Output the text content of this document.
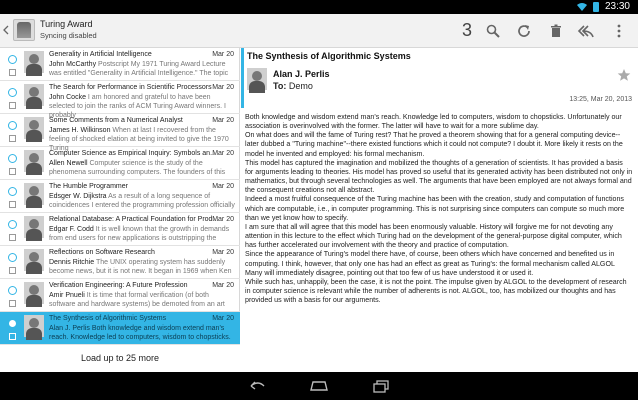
23:30
Turing Award
Syncing disabled	3
Generality in Artificial Intelligence	Mar 20
John McCarthy Postscript My 1971 Turing Award Lecture was entitled "Generality in Artificial Intelligence." The topic
The Search for Performance in Scientific Processors Mar 20
John Cocke I am honored and grateful to have been selected to join the ranks of ACM Turing Award winners. I probably
Some Comments from a Numerical Analyst	Mar 20
James H. Wilkinson When at last I recovered from the feeling of shocked elation at being invited to give the 1970 Turing
Computer Science as Empirical Inquiry: Symbols an...
Mar 20
Allen Newell Computer science is the study of the phenomena surrounding computers. The founders of this
The Humble Programmer	Mar 20
Edsger W. Dijkstra As a result of a long sequence of coincidences I entered the programming profession officially
Relational Database: A Practical Foundation for Prod...
Mar 20
Edgar F. Codd It is well known that the growth in demands from end users for new applications is outstripping the
Reflections on Software Research	Mar 20
Dennis Ritchie The UNIX operating system has suddenly become news, but it is not new. It began in 1969 when Ken
Verification Engineering: A Future Profession	Mar 20
Amir Pnueli It is time that formal verification (of both software and hardware systems) be demoted from an art
The Synthesis of Algorithmic Systems	Mar 20
Alan J. Perlis Both knowledge and wisdom extend man's reach. Knowledge led to computers, wisdom to chopsticks.
Load up to 25 more
The Synthesis of Algorithmic Systems
Alan J. Perlis
To: Demo
13:25, Mar 20, 2013

Both knowledge and wisdom extend man's reach. Knowledge led to computers, wisdom to chopsticks. Unfortunately our association is overinvolved with the former. The latter will have to wait for a more sublime day.

On what does and will the fame of Turing rest? That he proved a theorem showing that for a general computing device--later dubbed a "Turing machine"--there existed functions which it could not compute? I doubt it. More likely it rests on the model he invented and employed: his formal mechanism.

This model has captured the imagination and mobilized the thoughts of a generation of scientists. It has provided a basis for arguments leading to theories. His model has proved so useful that its generated activity has been distributed not only in mathematics, but through several technologies as well. The arguments that have been employed are not always formal and the consequent creations not all abstract.

Indeed a most fruitful consequence of the Turing machine has been with the creation, study and computation of functions which are computable, i.e., in computer programming. This is not surprising since computers can compute so much more than we yet know how to specify.

I am sure that all will agree that this model has been enormously valuable. History will forgive me for not devoting any attention in this lecture to the effect which Turing had on the development of the general-purpose digital computer, which has further accelerated our involvement with the theory and practice of computation.

Since the appearance of Turing's model there have, of course, been others which have concerned and benefited us in computing. I think, however, that only one has had an effect as great as Turing's: the formal mechanism called ALGOL Many will immediately disagree, pointing out that too few of us have understood it or used it.

While such has, unhappily, been the case, it is not the point. The impulse given by ALGOL to the development of research in computer science is relevant while the number of adherents is not. ALGOL, too, has mobilized our thoughts and has provided us with a basis for our arguments.
